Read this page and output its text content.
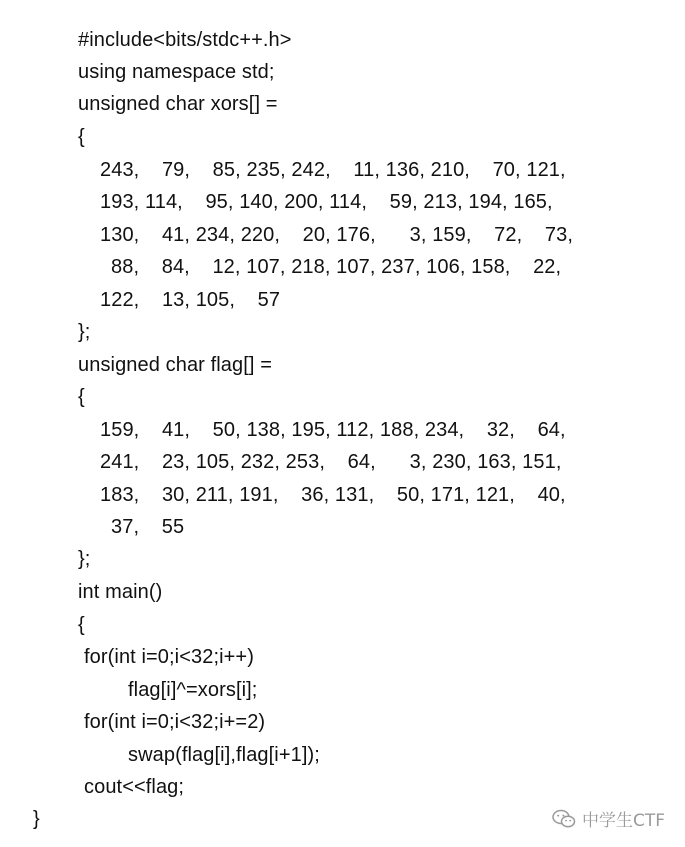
#include<bits/stdc++.h>
using namespace std;
unsigned char xors[] =
{
243,    79,    85, 235, 242,    11, 136, 210,    70, 121,
193, 114,    95, 140, 200, 114,    59, 213, 194, 165,
130,    41, 234, 220,    20, 176,      3, 159,    72,    73,
88,    84,    12, 107, 218, 107, 237, 106, 158,    22,
122,    13, 105,    57
};
unsigned char flag[] =
{
159,    41,    50, 138, 195, 112, 188, 234,    32,    64,
241,    23, 105, 232, 253,    64,      3, 230, 163, 151,
183,    30, 211, 191,    36, 131,    50, 171, 121,    40,
37,    55
};
int main()
{
for(int i=0;i<32;i++)
flag[i]^=xors[i];
for(int i=0;i<32;i+=2)
swap(flag[i],flag[i+1]);
cout<<flag;
}	中学生CTF
